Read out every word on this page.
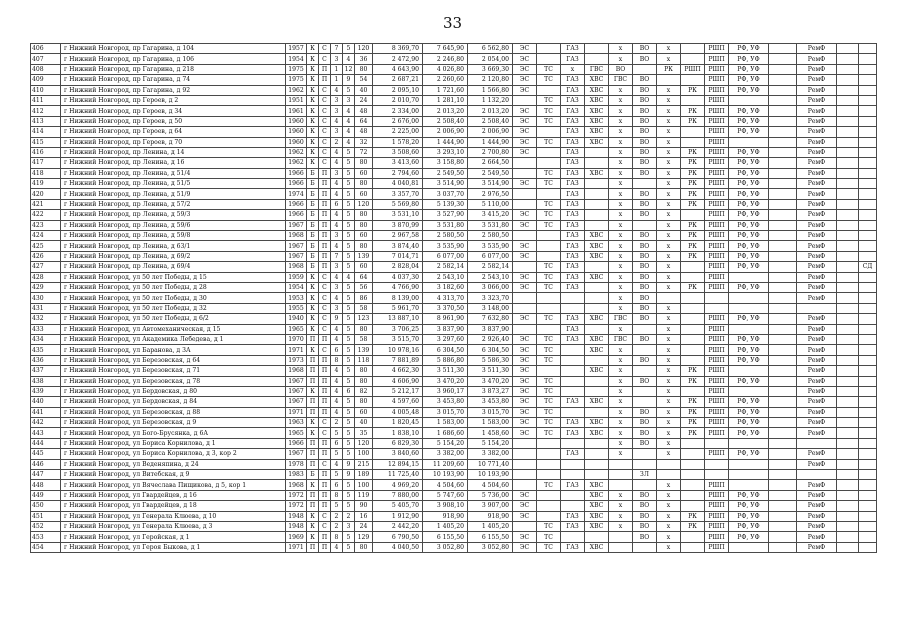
33
406	г Нижний Новгород, пр Гагарина, д 104	1957	К	С	7	5	120	8 369,70	7 645,90	6 562,80	ЭС		ГАЗ		х	ВО	х		РШП	РФ, УФ		РемФ		
407	г Нижний Новгород, пр Гагарина, д 106	1954	К	С	3	4	36	2 472,90	2 246,80	2 054,00	ЭС		ГАЗ		х	ВО	х		РШП	РФ, УФ		РемФ		
408	г Нижний Новгород, пр Гагарина, д 218	1975	К	П	1	12	80	4 643,90	4 026,80	3 669,30	ЭС	ТС	х	ГВС	ВО		РК	РШП	РШП	РФ, УФ		РемФ		
409	г Нижний Новгород, пр Гагарина, д 74	1975	К	П	1	9	54	2 687,21	2 260,60	2 120,80	ЭС	ТС	ГАЗ	ХВС	ГВС	ВО			РШП	РФ, УФ		РемФ		
410	г Нижний Новгород, пр Гагарина, д 92	1962	К	С	4	5	40	2 095,10	1 721,60	1 566,80	ЭС		ГАЗ	ХВС	х	ВО	х	РК	РШП	РФ, УФ		РемФ		
411	г Нижний Новгород, пр Героев, д 2	1951	К	С	3	3	24	2 010,70	1 281,10	1 132,20		ТС	ГАЗ	ХВС	х	ВО	х		РШП			РемФ		
412	г Нижний Новгород, пр Героев, д 34	1961	К	С	3	4	48	2 334,00	2 013,20	2 013,20	ЭС	ТС	ГАЗ	ХВС	х	ВО	х	РК	РШП	РФ, УФ		РемФ		
413	г Нижний Новгород, пр Героев, д 50	1960	К	С	4	4	64	2 676,00	2 508,40	2 508,40	ЭС	ТС	ГАЗ	ХВС	х	ВО	х	РК	РШП	РФ, УФ		РемФ		
414	г Нижний Новгород, пр Героев, д 64	1960	К	С	3	4	48	2 225,00	2 006,90	2 006,90	ЭС		ГАЗ	ХВС	х	ВО	х		РШП	РФ, УФ		РемФ		
415	г Нижний Новгород, пр Героев, д 70	1960	К	С	2	4	32	1 578,20	1 444,90	1 444,90	ЭС	ТС	ГАЗ	ХВС	х	ВО	х		РШП			РемФ		
416	г Нижний Новгород, пр Ленина, д 14	1962	К	С	4	5	72	3 508,60	3 293,10	2 700,80	ЭС		ГАЗ		х	ВО	х	РК	РШП	РФ, УФ		РемФ		
417	г Нижний Новгород, пр Ленина, д 16	1962	К	С	4	5	80	3 413,60	3 158,80	2 664,50			ГАЗ		х	ВО	х	РК	РШП	РФ, УФ		РемФ		
418	г Нижний Новгород, пр Ленина, д 51/4	1966	Б	П	3	5	60	2 794,60	2 549,50	2 549,50		ТС	ГАЗ	ХВС	х	ВО	х	РК	РШП	РФ, УФ		РемФ		
419	г Нижний Новгород, пр Ленина, д 51/5	1966	Б	П	4	5	80	4 040,81	3 514,90	3 514,90	ЭС	ТС	ГАЗ		х		х	РК	РШП	РФ, УФ		РемФ		
420	г Нижний Новгород, пр Ленина, д 51/9	1974	Б	П	4	5	60	3 357,70	3 037,70	2 976,50			ГАЗ		х	ВО	х	РК	РШП	РФ, УФ		РемФ		
421	г Нижний Новгород, пр Ленина, д 57/2	1966	Б	П	6	5	120	5 569,80	5 139,30	5 110,00		ТС	ГАЗ		х	ВО	х	РК	РШП	РФ, УФ		РемФ		
422	г Нижний Новгород, пр Ленина, д 59/3	1966	Б	П	4	5	80	3 531,10	3 527,90	3 415,20	ЭС	ТС	ГАЗ		х	ВО	х		РШП	РФ, УФ		РемФ		
423	г Нижний Новгород, пр Ленина, д 59/6	1967	Б	П	4	5	80	3 870,99	3 531,80	3 531,80	ЭС	ТС	ГАЗ		х		х	РК	РШП	РФ, УФ		РемФ		
424	г Нижний Новгород, пр Ленина, д 59/8	1968	Б	П	3	5	60	2 967,58	2 580,50	2 580,50			ГАЗ	ХВС	х	ВО	х	РК	РШП	РФ, УФ		РемФ		
425	г Нижний Новгород, пр Ленина, д 63/1	1967	Б	П	4	5	80	3 874,40	3 535,90	3 535,90	ЭС		ГАЗ	ХВС	х	ВО	х	РК	РШП	РФ, УФ		РемФ		
426	г Нижний Новгород, пр Ленина, д 69/2	1967	Б	П	7	5	139	7 014,71	6 077,00	6 077,00	ЭС		ГАЗ	ХВС	х	ВО	х	РК	РШП	РФ, УФ		РемФ		
427	г Нижний Новгород, пр Ленина, д 69/4	1968	Б	П	3	5	60	2 828,04	2 582,14	2 582,14		ТС	ГАЗ		х	ВО	х		РШП	РФ, УФ		РемФ		СД
428	г Нижний Новгород, ул 50 лет Победы, д 15	1959	К	С	4	4	64	4 037,30	2 543,10	2 543,10	ЭС	ТС	ГАЗ	ХВС	х	ВО	х		РШП			РемФ		
429	г Нижний Новгород, ул 50 лет Победы, д 28	1954	К	С	3	5	56	4 766,90	3 182,60	3 066,00	ЭС	ТС	ГАЗ		х	ВО	х	РК	РШП	РФ, УФ		РемФ		
430	г Нижний Новгород, ул 50 лет Победы, д 30	1953	К	С	4	5	86	8 139,00	4 313,70	3 323,70					х	ВО						РемФ		
431	г Нижний Новгород, ул 50 лет Победы, д 32	1955	К	С	3	5	58	5 961,70	3 370,50	3 148,00					х	ВО	х							
432	г Нижний Новгород, ул 50 лет Победы, д 6/2	1940	К	С	9	5	123	13 887,10	8 961,90	7 632,80	ЭС	ТС	ГАЗ	ХВС	ГВС	ВО	х		РШП	РФ, УФ		РемФ		
433	г Нижний Новгород, ул Автомеханическая, д 15	1965	К	С	4	5	80	3 706,25	3 837,90	3 837,90			ГАЗ		х		х		РШП			РемФ		
434	г Нижний Новгород, ул Академика Лебедева, д 1	1970	П	П	4	5	58	3 515,70	3 297,60	2 926,40	ЭС	ТС	ГАЗ	ХВС	ГВС	ВО	х		РШП	РФ, УФ		РемФ		
435	г Нижний Новгород, ул Баранова, д 3А	1971	К	С	6	5	139	10 978,16	6 304,50	6 304,50	ЭС	ТС		ХВС	х		х		РШП	РФ, УФ		РемФ		
436	г Нижний Новгород, ул Березовская, д 64	1973	П	П	8	5	118	7 881,89	5 886,80	5 586,30	ЭС	ТС			х	ВО	х		РШП	РФ, УФ		РемФ		
437	г Нижний Новгород, ул Березовская, д 71	1968	П	П	4	5	80	4 662,30	3 511,30	3 511,30	ЭС			ХВС	х		х	РК	РШП			РемФ		
438	г Нижний Новгород, ул Березовская, д 78	1967	П	П	4	5	80	4 606,90	3 470,20	3 470,20	ЭС	ТС			х	ВО	х	РК	РШП	РФ, УФ		РемФ		
439	г Нижний Новгород, ул Бердовская, д 80	1967	К	П	4	6	82	5 212,17	3 960,17	3 873,27	ЭС	ТС			х		х		РШП			РемФ		
440	г Нижний Новгород, ул Бердовская, д 84	1967	П	П	4	5	80	4 597,60	3 453,80	3 453,80	ЭС	ТС	ГАЗ	ХВС	х		х	РК	РШП	РФ, УФ		РемФ		
441	г Нижний Новгород, ул Березовская, д 88	1971	П	П	4	5	60	4 005,48	3 015,70	3 015,70	ЭС	ТС			х	ВО	х	РК	РШП	РФ, УФ		РемФ		
442	г Нижний Новгород, ул Березовская, д 9	1963	К	С	2	5	40	1 820,45	1 583,00	1 583,00	ЭС	ТС	ГАЗ	ХВС	х	ВО	х	РК	РШП	РФ, УФ		РемФ		
443	г Нижний Новгород, ул Бого-Брусянка, д 6А	1965	К	С	5	5	35	1 838,10	1 686,60	1 458,60	ЭС	ТС	ГАЗ	ХВС	х	ВО	х	РК	РШП	РФ, УФ		РемФ		
444	г Нижний Новгород, ул Бориса Корнилова, д 1	1966	П	П	6	5	120	6 829,30	5 154,20	5 154,20					х	ВО	х							
445	г Нижний Новгород, ул Бориса Корнилова, д 3, кор 2	1967	П	П	5	5	100	3 840,60	3 382,00	3 382,00			ГАЗ		х		х		РШП	РФ, УФ		РемФ		
446	г Нижний Новгород, ул Веденяпина, д 24	1978	П	С	4	9	215	12 894,15	11 209,60	10 771,40												РемФ		
447	г Нижний Новгород, ул Витебская, д 9	1983	Б	П	5	9	189	11 725,40	10 193,90	10 193,90						ЗЛ								
448	г Нижний Новгород, ул Вячеслава Пищикова, д 5, кор 1	1968	К	П	6	5	100	4 969,20	4 504,60	4 504,60		ТС	ГАЗ	ХВС			х		РШП			РемФ		
449	г Нижний Новгород, ул Гвардейцев, д 16	1972	П	П	8	5	119	7 880,00	5 747,60	5 736,00	ЭС			ХВС	х	ВО	х		РШП	РФ, УФ		РемФ		
450	г Нижний Новгород, ул Гвардейцев, д 18	1972	П	П	5	5	90	5 405,70	3 908,10	3 907,00	ЭС			ХВС	х	ВО	х		РШП	РФ, УФ		РемФ		
451	г Нижний Новгород, ул Генерала Клюева, д 10	1948	К	С	2	2	16	1 912,90	918,90	918,90	ЭС		ГАЗ	ХВС	х	ВО	х	РК	РШП	РФ, УФ		РемФ		
452	г Нижний Новгород, ул Генерала Клюева, д 3	1948	К	С	2	3	24	2 442,20	1 405,20	1 405,20		ТС	ГАЗ	ХВС	х	ВО	х	РК	РШП	РФ, УФ		РемФ		
453	г Нижний Новгород, ул Геройская, д 1	1969	К	П	8	5	129	6 790,50	6 155,50	6 155,50	ЭС	ТС				ВО	х		РШП	РФ, УФ		РемФ		
454	г Нижний Новгород, ул Героя Быкова, д 1	1971	П	П	4	5	80	4 040,50	3 052,80	3 052,80	ЭС	ТС	ГАЗ	ХВС			х		РШП			РемФ		
